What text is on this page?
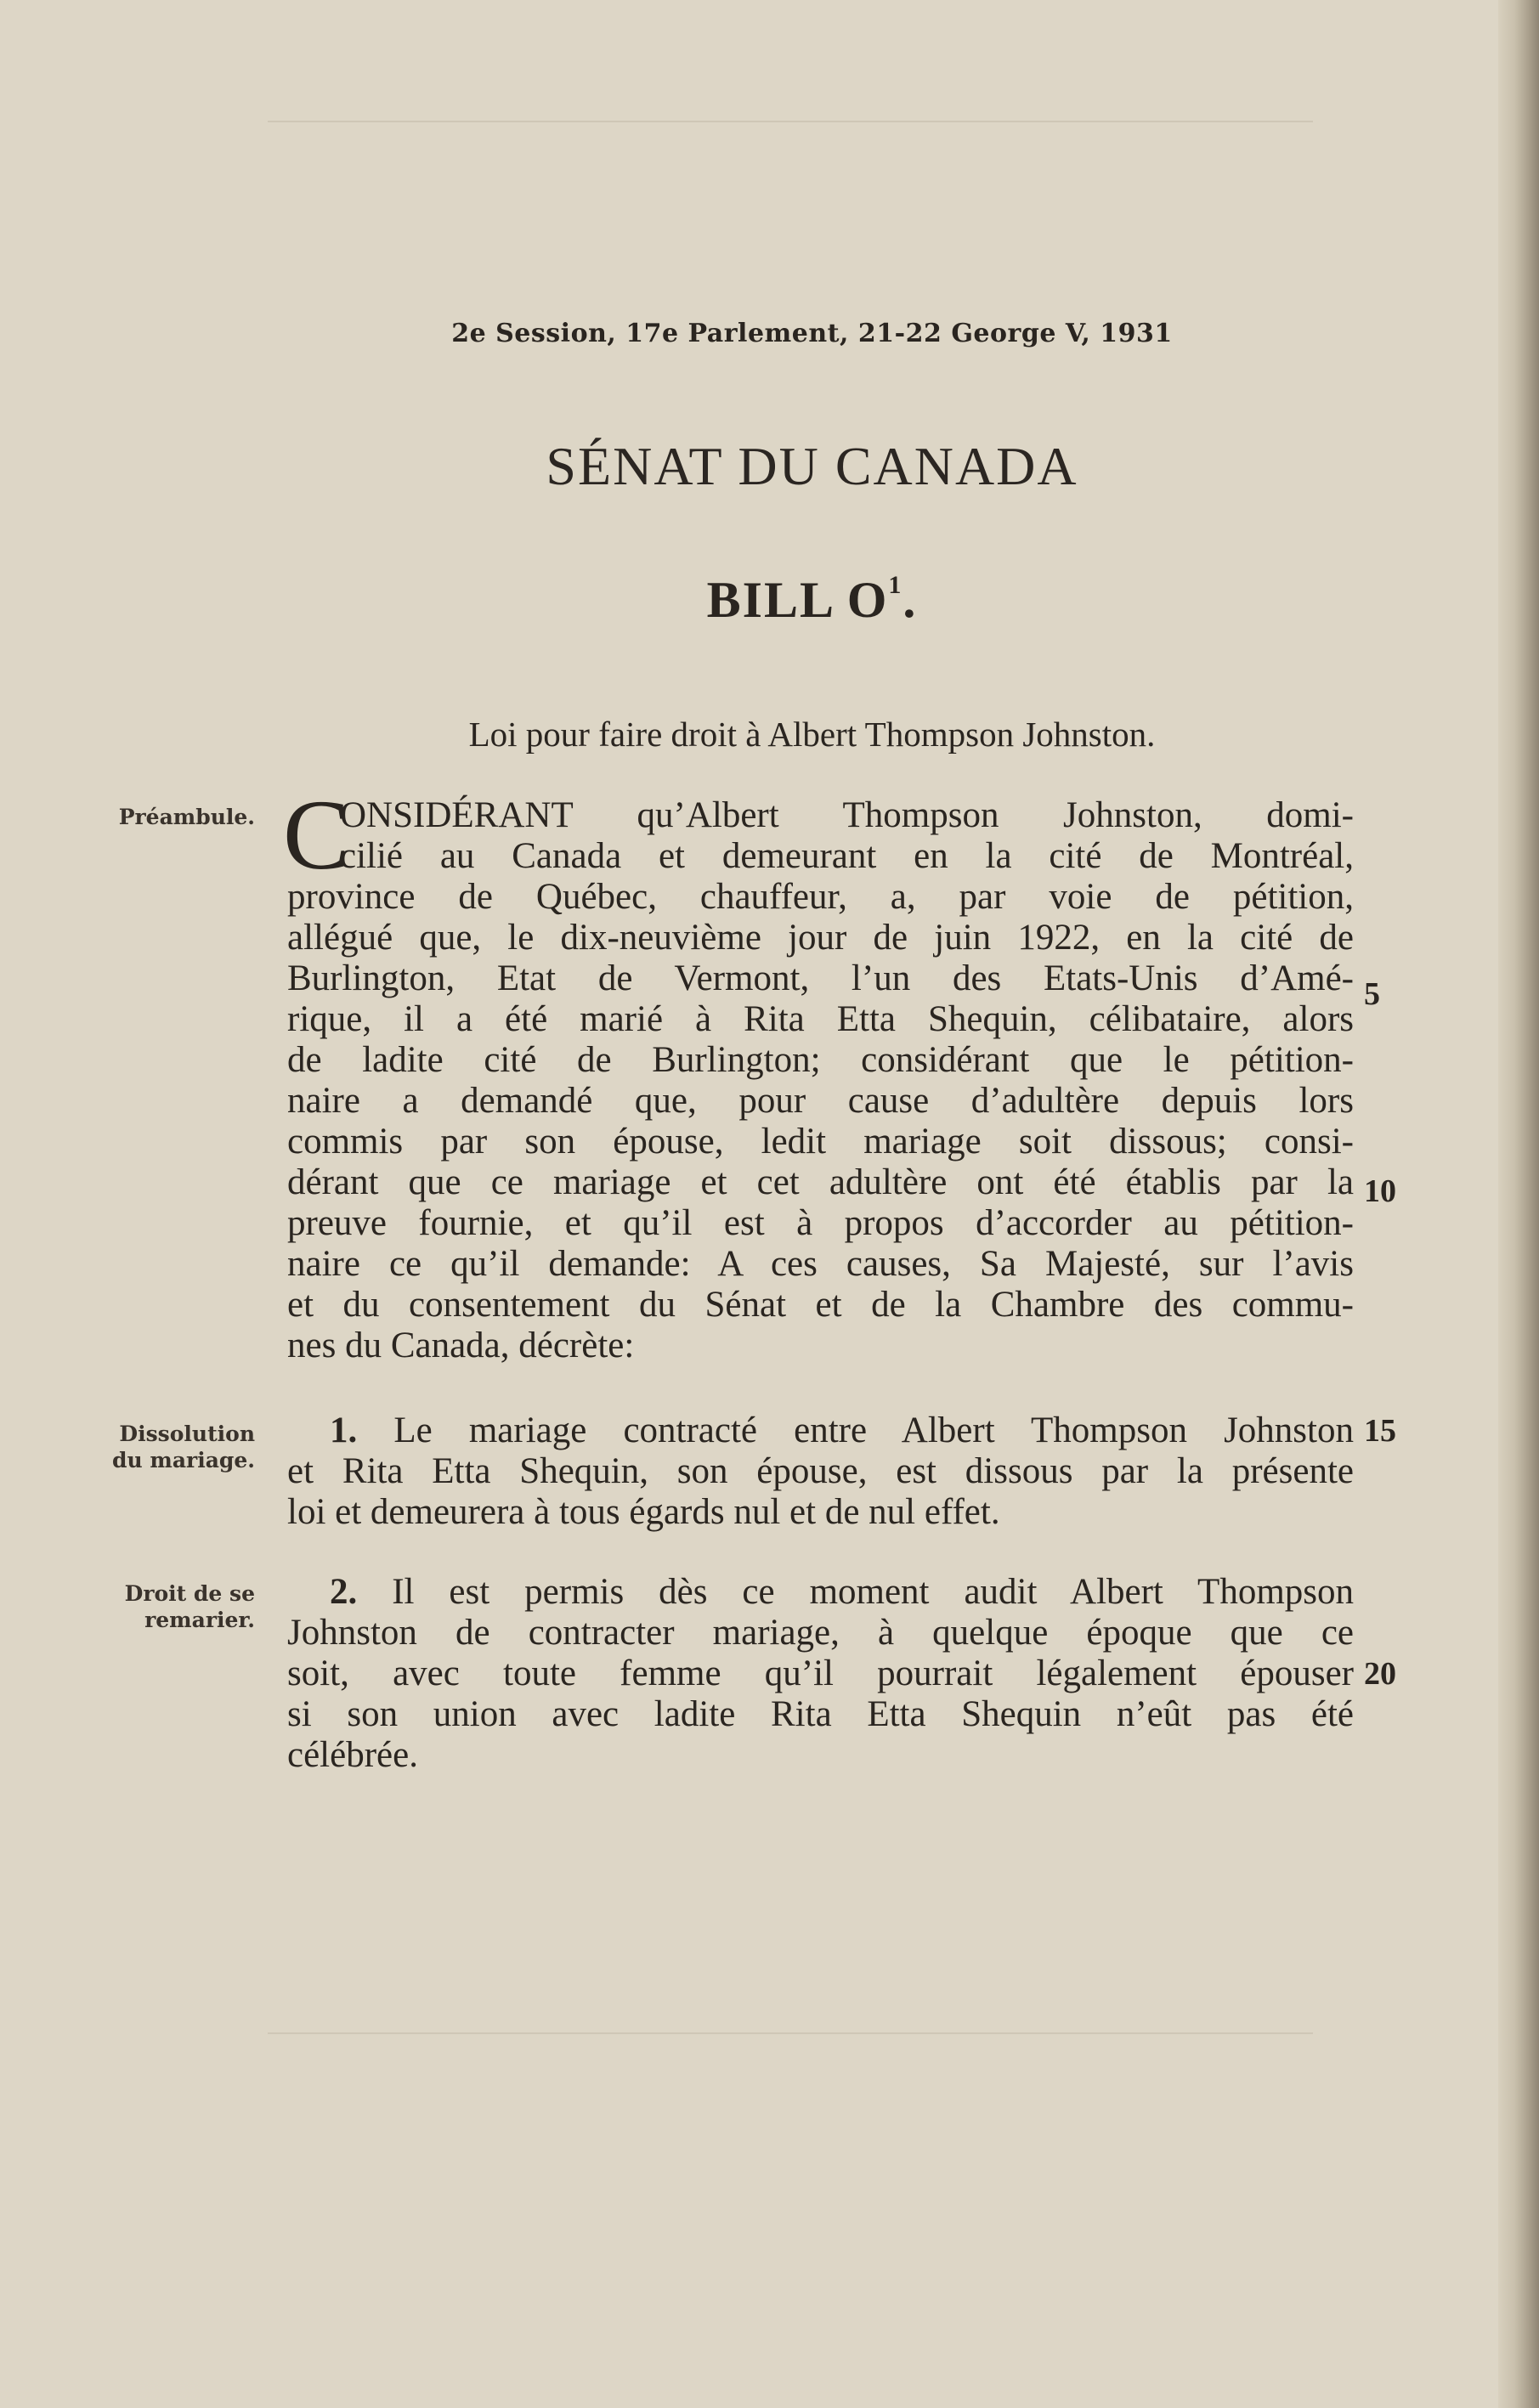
2e Session, 17e Parlement, 21-22 George V, 1931
SÉNAT DU CANADA
BILL $O^1$.
Loi pour faire droit à Albert Thompson Johnston.
Préambule.
Dissolution
du mariage.
Droit de se
remarier.
C
ONSIDÉRANT qu’Albert Thompson Johnston, domi-
cilié au Canada et demeurant en la cité de Montréal,
province de Québec, chauffeur, a, par voie de pétition,
allégué que, le dix-neuvième jour de juin 1922, en la cité de
Burlington, Etat de Vermont, l’un des Etats-Unis d’Amé-
rique, il a été marié à Rita Etta Shequin, célibataire, alors
de ladite cité de Burlington; considérant que le pétition-
naire a demandé que, pour cause d’adultère depuis lors
commis par son épouse, ledit mariage soit dissous; consi-
dérant que ce mariage et cet adultère ont été établis par la
preuve fournie, et qu’il est à propos d’accorder au pétition-
naire ce qu’il demande: A ces causes, Sa Majesté, sur l’avis
et du consentement du Sénat et de la Chambre des commu-
nes du Canada, décrète:
1. Le mariage contracté entre Albert Thompson Johnston
et Rita Etta Shequin, son épouse, est dissous par la présente
loi et demeurera à tous égards nul et de nul effet.
2. Il est permis dès ce moment audit Albert Thompson
Johnston de contracter mariage, à quelque époque que ce
soit, avec toute femme qu’il pourrait légalement épouser
si son union avec ladite Rita Etta Shequin n’eût pas été
célébrée.
5
10
15
20
